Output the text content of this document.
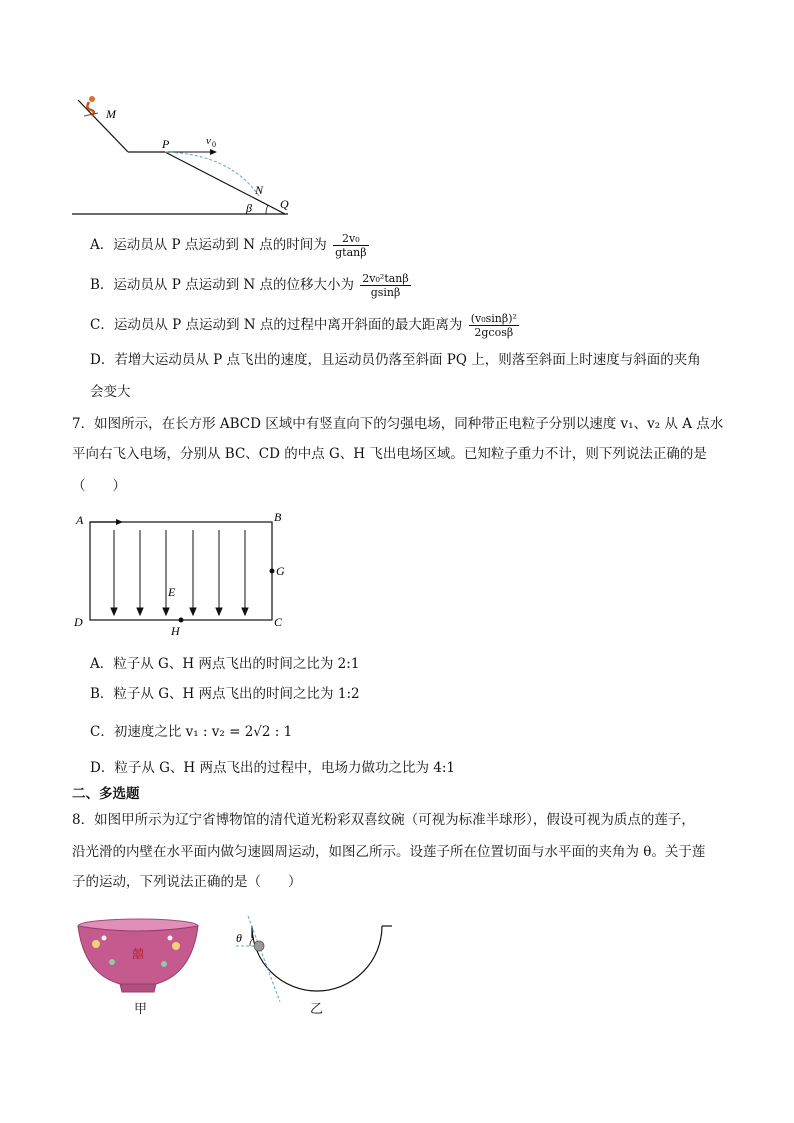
M
P	v 0
N
Q
β
A．运动员从 P 点运动到 N 点的时间为 $\frac{\text{2v₀}}{gtan\beta}$
B．运动员从 P 点运动到 N 点的位移大小为 $\frac{\text{2v₀²tanβ}}{gsin\beta}$
C．运动员从 P 点运动到 N 点的过程中离开斜面的最大距离为 $\frac{\text{(v₀sinβ)²}}{2gcos\beta}$
D．若增大运动员从 P 点飞出的速度，且运动员仍落至斜面 PQ 上，则落至斜面上时速度与斜面的夹角
会变大
7．如图所示，在长方形 ABCD 区域中有竖直向下的匀强电场，同种带正电粒子分别以速度 v₁、v₂ 从 A 点水
平向右飞入电场，分别从 BC、CD 的中点 G、H 飞出电场区域。已知粒子重力不计，则下列说法正确的是
（　　）
A	B
G
E
D	C
H
A．粒子从 G、H 两点飞出的时间之比为 2:1
B．粒子从 G、H 两点飞出的时间之比为 1:2
C．初速度之比 v₁ : v₂ = 2√2 : 1
D．粒子从 G、H 两点飞出的过程中，电场力做功之比为 4:1
二、多选题
8．如图甲所示为辽宁省博物馆的清代道光粉彩双喜纹碗（可视为标准半球形），假设可视为质点的莲子，
沿光滑的内壁在水平面内做匀速圆周运动，如图乙所示。设莲子所在位置切面与水平面的夹角为 θ。关于莲
子的运动，下列说法正确的是（　　）
囍
甲
θ
乙
